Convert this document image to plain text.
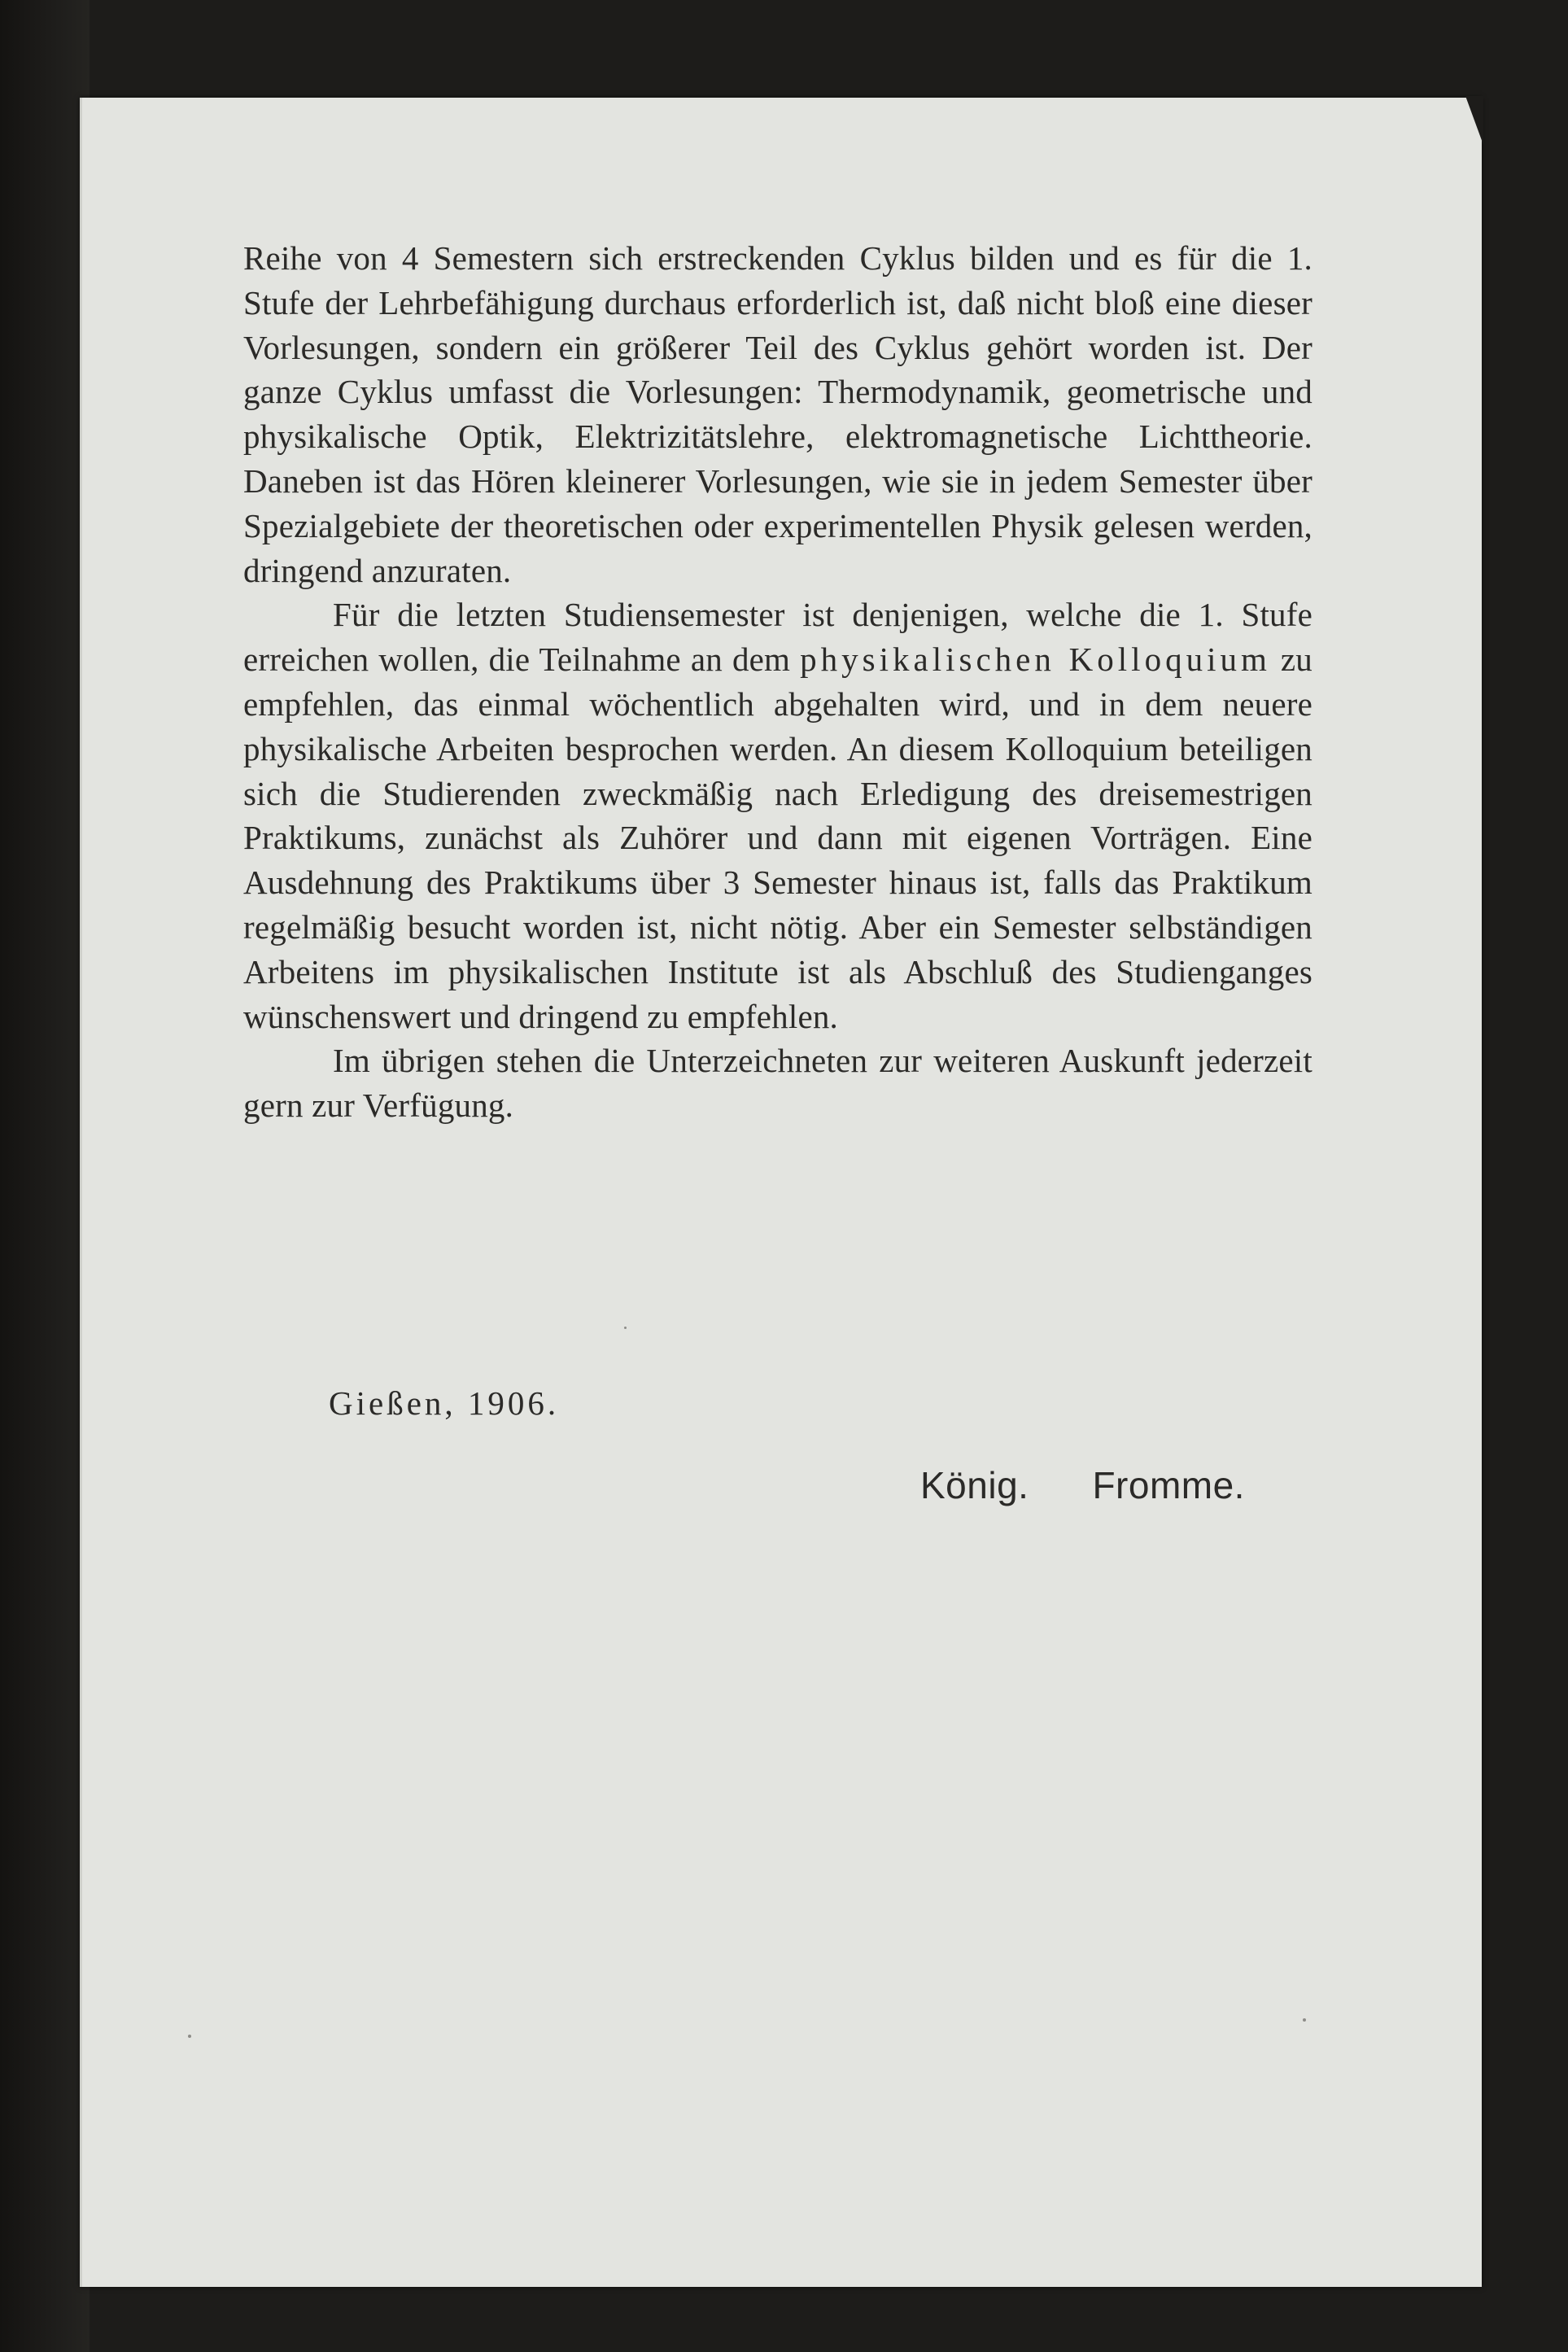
Reihe von 4 Semestern sich erstreckenden Cyklus bilden und es für die 1. Stufe der Lehrbefähigung durchaus erforderlich ist, daß nicht bloß eine dieser Vorlesungen, sondern ein größerer Teil des Cyklus gehört worden ist. Der ganze Cyklus umfasst die Vorlesungen: Thermodynamik, geometrische und physikalische Optik, Elektrizitätslehre, elektromagnetische Lichttheorie. Daneben ist das Hören kleinerer Vorlesungen, wie sie in jedem Semester über Spezialgebiete der theoretischen oder experimentellen Physik gelesen werden, dringend anzuraten.

Für die letzten Studiensemester ist denjenigen, welche die 1. Stufe erreichen wollen, die Teilnahme an dem physikalischen Kolloquium zu empfehlen, das einmal wöchentlich abgehalten wird, und in dem neuere physikalische Arbeiten besprochen werden. An diesem Kolloquium beteiligen sich die Studierenden zweckmäßig nach Erledigung des dreisemestrigen Praktikums, zunächst als Zuhörer und dann mit eigenen Vorträgen. Eine Ausdehnung des Praktikums über 3 Semester hinaus ist, falls das Praktikum regelmäßig besucht worden ist, nicht nötig. Aber ein Semester selbständigen Arbeitens im physikalischen Institute ist als Abschluß des Studienganges wünschenswert und dringend zu empfehlen.

Im übrigen stehen die Unterzeichneten zur weiteren Auskunft jederzeit gern zur Verfügung.

Gießen, 1906.
König. Fromme.
